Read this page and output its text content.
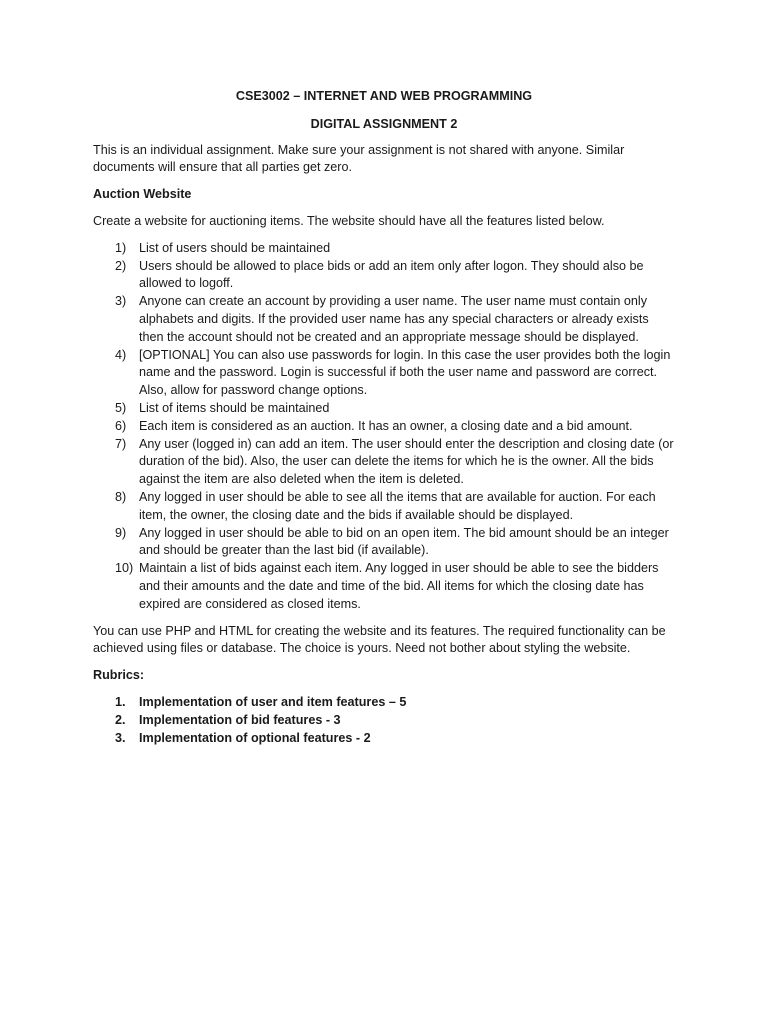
CSE3002 – INTERNET AND WEB PROGRAMMING

DIGITAL ASSIGNMENT 2

This is an individual assignment. Make sure your assignment is not shared with anyone. Similar documents will ensure that all parties get zero.

Auction Website

Create a website for auctioning items. The website should have all the features listed below.

1) List of users should be maintained
2) Users should be allowed to place bids or add an item only after logon. They should also be allowed to logoff.
3) Anyone can create an account by providing a user name. The user name must contain only alphabets and digits. If the provided user name has any special characters or already exists then the account should not be created and an appropriate message should be displayed.
4) [OPTIONAL] You can also use passwords for login. In this case the user provides both the login name and the password. Login is successful if both the user name and password are correct. Also, allow for password change options.
5) List of items should be maintained
6) Each item is considered as an auction. It has an owner, a closing date and a bid amount.
7) Any user (logged in) can add an item. The user should enter the description and closing date (or duration of the bid). Also, the user can delete the items for which he is the owner. All the bids against the item are also deleted when the item is deleted.
8) Any logged in user should be able to see all the items that are available for auction. For each item, the owner, the closing date and the bids if available should be displayed.
9) Any logged in user should be able to bid on an open item. The bid amount should be an integer and should be greater than the last bid (if available).
10) Maintain a list of bids against each item. Any logged in user should be able to see the bidders and their amounts and the date and time of the bid. All items for which the closing date has expired are considered as closed items.

You can use PHP and HTML for creating the website and its features. The required functionality can be achieved using files or database. The choice is yours. Need not bother about styling the website.

Rubrics:

1. Implementation of user and item features – 5
2. Implementation of bid features - 3
3. Implementation of optional features - 2
